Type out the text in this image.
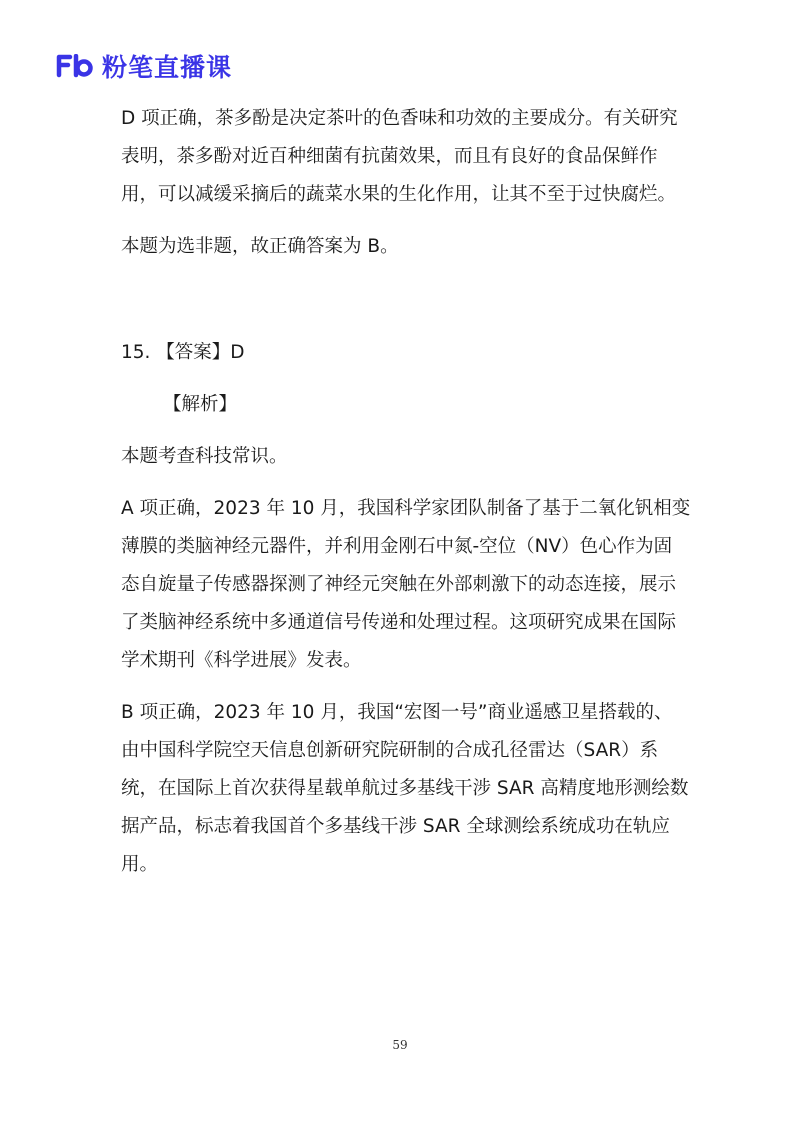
粉笔直播课

D 项正确，茶多酚是决定茶叶的色香味和功效的主要成分。有关研究
表明，茶多酚对近百种细菌有抗菌效果，而且有良好的食品保鲜作
用，可以减缓采摘后的蔬菜水果的生化作用，让其不至于过快腐烂。

本题为选非题，故正确答案为 B。

15. 【答案】D

【解析】

本题考查科技常识。

A 项正确，2023 年 10 月，我国科学家团队制备了基于二氧化钒相变
薄膜的类脑神经元器件，并利用金刚石中氮-空位（NV）色心作为固
态自旋量子传感器探测了神经元突触在外部刺激下的动态连接，展示
了类脑神经系统中多通道信号传递和处理过程。这项研究成果在国际
学术期刊《科学进展》发表。

B 项正确，2023 年 10 月，我国“宏图一号”商业遥感卫星搭载的、
由中国科学院空天信息创新研究院研制的合成孔径雷达（SAR）系
统，在国际上首次获得星载单航过多基线干涉 SAR 高精度地形测绘数
据产品，标志着我国首个多基线干涉 SAR 全球测绘系统成功在轨应
用。

59
